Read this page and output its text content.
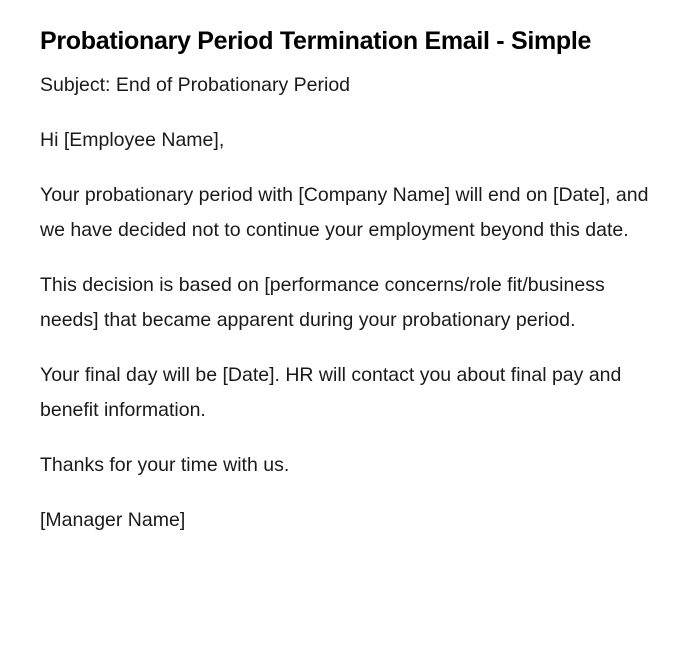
Probationary Period Termination Email - Simple

Subject: End of Probationary Period

Hi [Employee Name],

Your probationary period with [Company Name] will end on [Date], and we have decided not to continue your employment beyond this date.

This decision is based on [performance concerns/role fit/business needs] that became apparent during your probationary period.

Your final day will be [Date]. HR will contact you about final pay and benefit information.

Thanks for your time with us.

[Manager Name]
